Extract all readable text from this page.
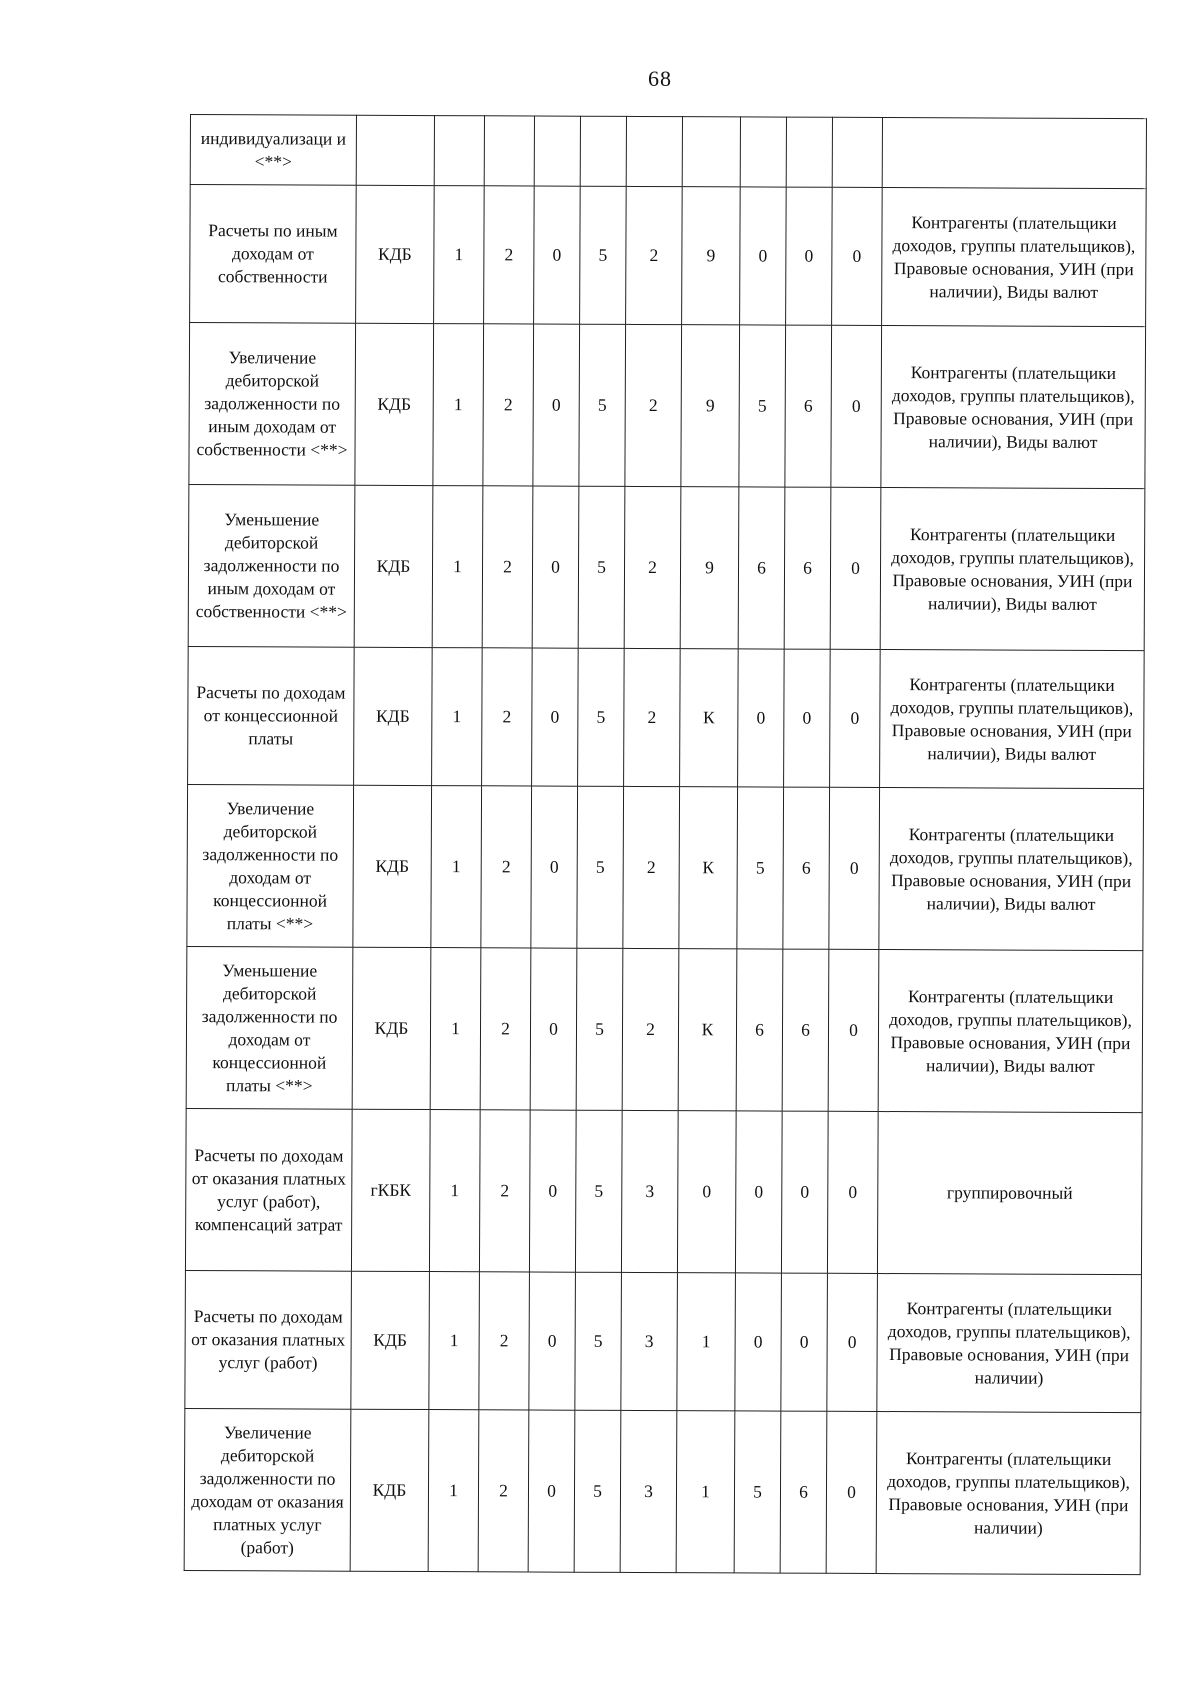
68
индивидуализаци и <**>											
Расчеты по иным доходам от собственности	КДБ	1	2	0	5	2	9	0	0	0	Контрагенты (плательщики доходов, группы плательщиков), Правовые основания, УИН (при наличии), Виды валют
Увеличение дебиторской задолженности по иным доходам от собственности <**>	КДБ	1	2	0	5	2	9	5	6	0	Контрагенты (плательщики доходов, группы плательщиков), Правовые основания, УИН (при наличии), Виды валют
Уменьшение дебиторской задолженности по иным доходам от собственности <**>	КДБ	1	2	0	5	2	9	6	6	0	Контрагенты (плательщики доходов, группы плательщиков), Правовые основания, УИН (при наличии), Виды валют
Расчеты по доходам от концессионной платы	КДБ	1	2	0	5	2	К	0	0	0	Контрагенты (плательщики доходов, группы плательщиков), Правовые основания, УИН (при наличии), Виды валют
Увеличение дебиторской задолженности по доходам от концессионной платы <**>	КДБ	1	2	0	5	2	К	5	6	0	Контрагенты (плательщики доходов, группы плательщиков), Правовые основания, УИН (при наличии), Виды валют
Уменьшение дебиторской задолженности по доходам от концессионной платы <**>	КДБ	1	2	0	5	2	К	6	6	0	Контрагенты (плательщики доходов, группы плательщиков), Правовые основания, УИН (при наличии), Виды валют
Расчеты по доходам от оказания платных услуг (работ), компенсаций затрат	гКБК	1	2	0	5	3	0	0	0	0	группировочный
Расчеты по доходам от оказания платных услуг (работ)	КДБ	1	2	0	5	3	1	0	0	0	Контрагенты (плательщики доходов, группы плательщиков), Правовые основания, УИН (при наличии)
Увеличение дебиторской задолженности по доходам от оказания платных услуг (работ)	КДБ	1	2	0	5	3	1	5	6	0	Контрагенты (плательщики доходов, группы плательщиков), Правовые основания, УИН (при наличии)
